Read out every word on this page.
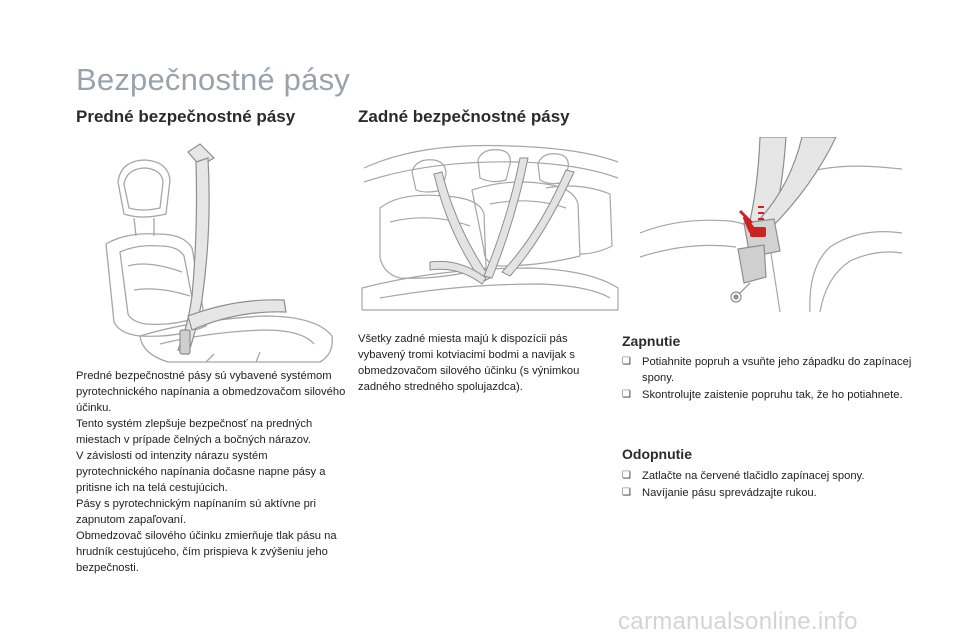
Bezpečnostné pásy
Predné bezpečnostné pásy	Zadné bezpečnostné pásy

Predné bezpečnostné pásy sú vybavené systémom pyrotechnického napínania a obmedzovačom silového účinku.

Tento systém zlepšuje bezpečnosť na predných miestach v prípade čelných a bočných nárazov.

V závislosti od intenzity nárazu systém pyrotechnického napínania dočasne napne pásy a pritisne ich na telá cestujúcich.

Pásy s pyrotechnickým napínaním sú aktívne pri zapnutom zapaľovaní.

Obmedzovač silového účinku zmierňuje tlak pásu na hrudník cestujúceho, čím prispieva k zvýšeniu jeho bezpečnosti.

Všetky zadné miesta majú k dispozícii pás vybavený tromi kotviacimi bodmi a navijak s obmedzovačom silového účinku (s výnimkou zadného stredného spolujazdca).

Zapnutie
❏ Potiahnite popruh a vsuňte jeho západku do zapínacej spony.
❏ Skontrolujte zaistenie popruhu tak, že ho potiahnete.
Odopnutie
❏ Zatlačte na červené tlačidlo zapínacej spony.
❏ Navíjanie pásu sprevádzajte rukou.
carmanualsonline.info
